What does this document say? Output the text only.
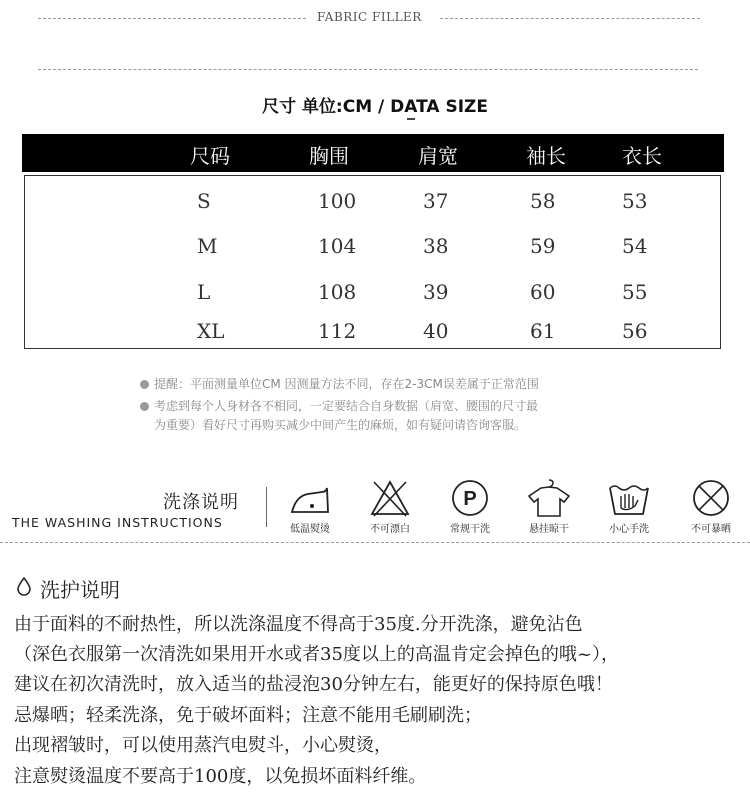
FABRIC FILLER
尺寸 单位:CM / DATA SIZE
尺码	胸围	肩宽	袖长	衣长
S	100	37	58	53
M	104	38	59	54
L	108	39	60	55
XL	112	40	61	56
提醒：平面测量单位CM 因测量方法不同，存在2-3CM误差属于正常范围
考虑到每个人身材各不相同，一定要结合自身数据（肩宽、腰围的尺寸最
为重要）看好尺寸再购买减少中间产生的麻烦，如有疑问请咨询客服。
洗涤说明
THE WASHING INSTRUCTIONS	低温熨烫	不可漂白
P
常规干洗	悬挂晾干	小心手洗	不可暴晒
洗护说明
由于面料的不耐热性，所以洗涤温度不得高于35度.分开洗涤，避免沾色
（深色衣服第一次清洗如果用开水或者35度以上的高温肯定会掉色的哦~），
建议在初次清洗时，放入适当的盐浸泡30分钟左右，能更好的保持原色哦！
忌爆晒；轻柔洗涤，免于破坏面料；注意不能用毛刷刷洗；
出现褶皱时，可以使用蒸汽电熨斗，小心熨烫，
注意熨烫温度不要高于100度，以免损坏面料纤维。
